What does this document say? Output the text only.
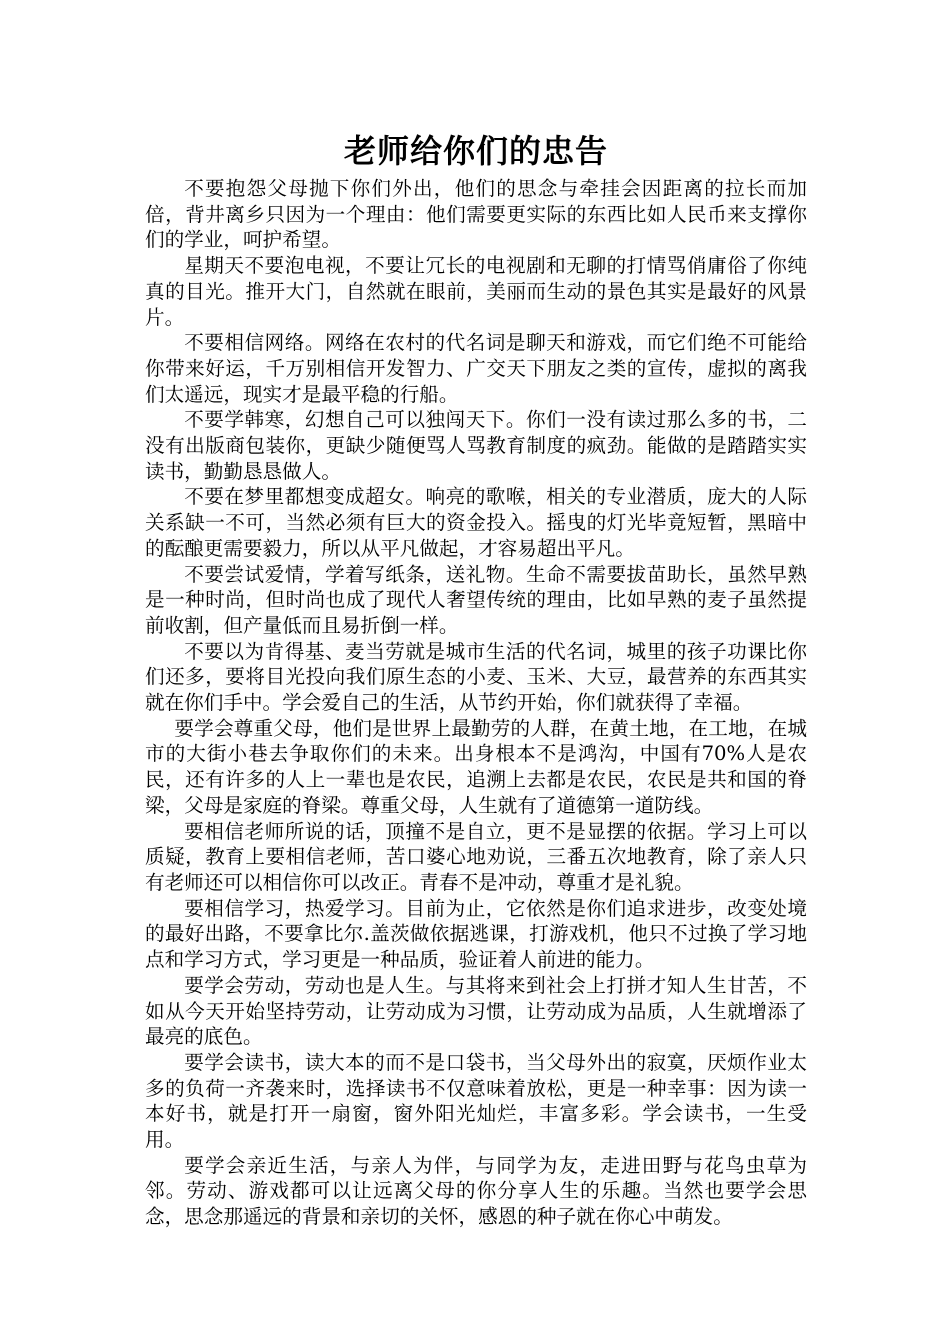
老师给你们的忠告

不要抱怨父母抛下你们外出，他们的思念与牵挂会因距离的拉长而加倍，背井离乡只因为一个理由：他们需要更实际的东西比如人民币来支撑你们的学业，呵护希望。

星期天不要泡电视，不要让冗长的电视剧和无聊的打情骂俏庸俗了你纯真的目光。推开大门，自然就在眼前，美丽而生动的景色其实是最好的风景片。

不要相信网络。网络在农村的代名词是聊天和游戏，而它们绝不可能给你带来好运，千万别相信开发智力、广交天下朋友之类的宣传，虚拟的离我们太遥远，现实才是最平稳的行船。

不要学韩寒，幻想自己可以独闯天下。你们一没有读过那么多的书，二没有出版商包装你，更缺少随便骂人骂教育制度的疯劲。能做的是踏踏实实读书，勤勤恳恳做人。

不要在梦里都想变成超女。响亮的歌喉，相关的专业潜质，庞大的人际关系缺一不可，当然必须有巨大的资金投入。摇曳的灯光毕竟短暂，黑暗中的酝酿更需要毅力，所以从平凡做起，才容易超出平凡。

不要尝试爱情，学着写纸条，送礼物。生命不需要拔苗助长，虽然早熟是一种时尚，但时尚也成了现代人奢望传统的理由，比如早熟的麦子虽然提前收割，但产量低而且易折倒一样。

不要以为肯得基、麦当劳就是城市生活的代名词，城里的孩子功课比你们还多，要将目光投向我们原生态的小麦、玉米、大豆，最营养的东西其实就在你们手中。学会爱自己的生活，从节约开始，你们就获得了幸福。

要学会尊重父母，他们是世界上最勤劳的人群，在黄土地，在工地，在城市的大街小巷去争取你们的未来。出身根本不是鸿沟，中国有70%人是农民，还有许多的人上一辈也是农民，追溯上去都是农民，农民是共和国的脊梁，父母是家庭的脊梁。尊重父母，人生就有了道德第一道防线。

要相信老师所说的话，顶撞不是自立，更不是显摆的依据。学习上可以质疑，教育上要相信老师，苦口婆心地劝说，三番五次地教育，除了亲人只有老师还可以相信你可以改正。青春不是冲动，尊重才是礼貌。

要相信学习，热爱学习。目前为止，它依然是你们追求进步，改变处境的最好出路，不要拿比尔.盖茨做依据逃课，打游戏机，他只不过换了学习地点和学习方式，学习更是一种品质，验证着人前进的能力。

要学会劳动，劳动也是人生。与其将来到社会上打拼才知人生甘苦，不如从今天开始坚持劳动，让劳动成为习惯，让劳动成为品质，人生就增添了最亮的底色。

要学会读书，读大本的而不是口袋书，当父母外出的寂寞，厌烦作业太多的负荷一齐袭来时，选择读书不仅意味着放松，更是一种幸事：因为读一本好书，就是打开一扇窗，窗外阳光灿烂，丰富多彩。学会读书，一生受用。

要学会亲近生活，与亲人为伴，与同学为友，走进田野与花鸟虫草为邻。劳动、游戏都可以让远离父母的你分享人生的乐趣。当然也要学会思念，思念那遥远的背景和亲切的关怀，感恩的种子就在你心中萌发。
